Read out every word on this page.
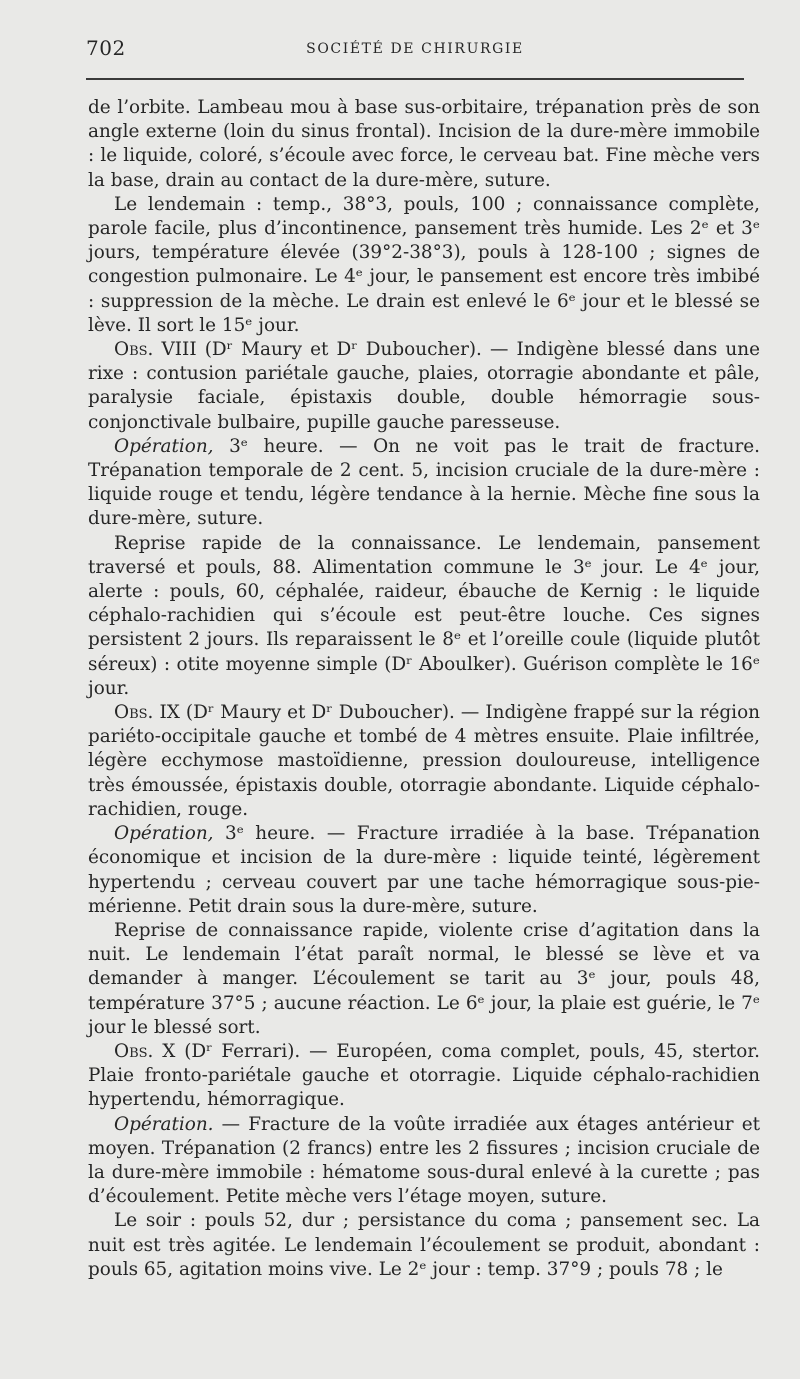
702	SOCIÉTÉ DE CHIRURGIE

de l’orbite. Lambeau mou à base sus-orbitaire, trépanation près de son angle externe (loin du sinus frontal). Incision de la dure-mère immobile : le liquide, coloré, s’écoule avec force, le cerveau bat. Fine mèche vers la base, drain au contact de la dure-mère, suture.

Le lendemain : temp., 38°3, pouls, 100 ; connaissance complète, parole facile, plus d’incontinence, pansement très humide. Les 2ᵉ et 3ᵉ jours, température élevée (39°2-38°3), pouls à 128-100 ; signes de congestion pulmonaire. Le 4ᵉ jour, le pansement est encore très imbibé : suppression de la mèche. Le drain est enlevé le 6ᵉ jour et le blessé se lève. Il sort le 15ᵉ jour.

Obs. VIII (Dʳ Maury et Dʳ Duboucher). — Indigène blessé dans une rixe : contusion pariétale gauche, plaies, otorragie abondante et pâle, paralysie faciale, épistaxis double, double hémorragie sous-conjonctivale bulbaire, pupille gauche paresseuse.

Opération, 3ᵉ heure. — On ne voit pas le trait de fracture. Trépanation temporale de 2 cent. 5, incision cruciale de la dure-mère : liquide rouge et tendu, légère tendance à la hernie. Mèche fine sous la dure-mère, suture.

Reprise rapide de la connaissance. Le lendemain, pansement traversé et pouls, 88. Alimentation commune le 3ᵉ jour. Le 4ᵉ jour, alerte : pouls, 60, céphalée, raideur, ébauche de Kernig : le liquide céphalo-rachidien qui s’écoule est peut-être louche. Ces signes persistent 2 jours. Ils reparaissent le 8ᵉ et l’oreille coule (liquide plutôt séreux) : otite moyenne simple (Dʳ Aboulker). Guérison complète le 16ᵉ jour.

Obs. IX (Dʳ Maury et Dʳ Duboucher). — Indigène frappé sur la région pariéto-occipitale gauche et tombé de 4 mètres ensuite. Plaie infiltrée, légère ecchymose mastoïdienne, pression douloureuse, intelligence très émoussée, épistaxis double, otorragie abondante. Liquide céphalo-rachidien, rouge.

Opération, 3ᵉ heure. — Fracture irradiée à la base. Trépanation économique et incision de la dure-mère : liquide teinté, légèrement hypertendu ; cerveau couvert par une tache hémorragique sous-pie-mérienne. Petit drain sous la dure-mère, suture.

Reprise de connaissance rapide, violente crise d’agitation dans la nuit. Le lendemain l’état paraît normal, le blessé se lève et va demander à manger. L’écoulement se tarit au 3ᵉ jour, pouls 48, température 37°5 ; aucune réaction. Le 6ᵉ jour, la plaie est guérie, le 7ᵉ jour le blessé sort.

Obs. X (Dʳ Ferrari). — Européen, coma complet, pouls, 45, stertor. Plaie fronto-pariétale gauche et otorragie. Liquide céphalo-rachidien hypertendu, hémorragique.

Opération. — Fracture de la voûte irradiée aux étages antérieur et moyen. Trépanation (2 francs) entre les 2 fissures ; incision cruciale de la dure-mère immobile : hématome sous-dural enlevé à la curette ; pas d’écoulement. Petite mèche vers l’étage moyen, suture.

Le soir : pouls 52, dur ; persistance du coma ; pansement sec. La nuit est très agitée. Le lendemain l’écoulement se produit, abondant : pouls 65, agitation moins vive. Le 2ᵉ jour : temp. 37°9 ; pouls 78 ; le
